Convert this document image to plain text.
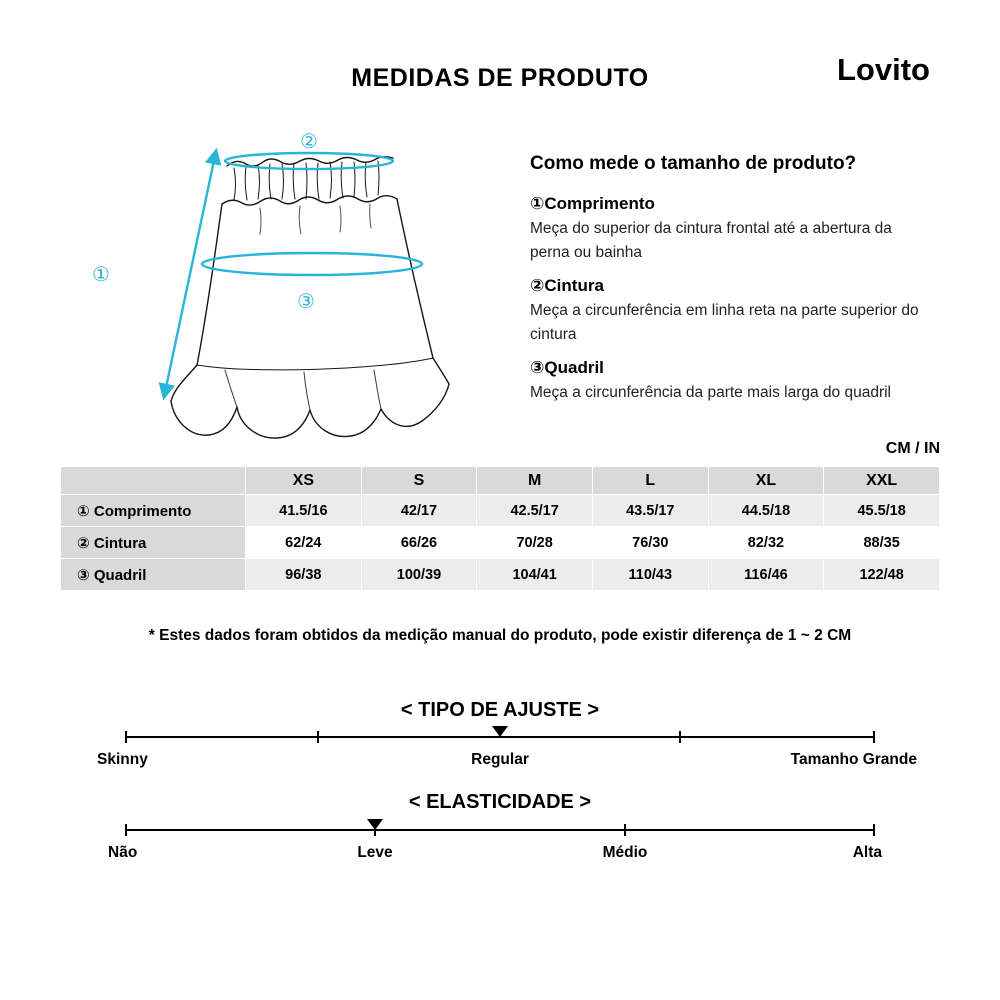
MEDIDAS DE PRODUTO	Lovito
②
③
①
Como mede o tamanho de produto?
①Comprimento
Meça do superior da cintura frontal até a abertura da perna ou bainha
②Cintura
Meça a circunferência em linha reta na parte superior do cintura
③Quadril
Meça a circunferência da parte mais larga do quadril
CM / IN
	XS	S	M	L	XL	XXL
① Comprimento	41.5/16	42/17	42.5/17	43.5/17	44.5/18	45.5/18
② Cintura	62/24	66/26	70/28	76/30	82/32	88/35
③ Quadril	96/38	100/39	104/41	110/43	116/46	122/48
* Estes dados foram obtidos da medição manual do produto, pode existir diferença de 1 ~ 2 CM
< TIPO DE AJUSTE >
Skinny	Regular	Tamanho Grande
< ELASTICIDADE >
Não	Leve	Médio	Alta
